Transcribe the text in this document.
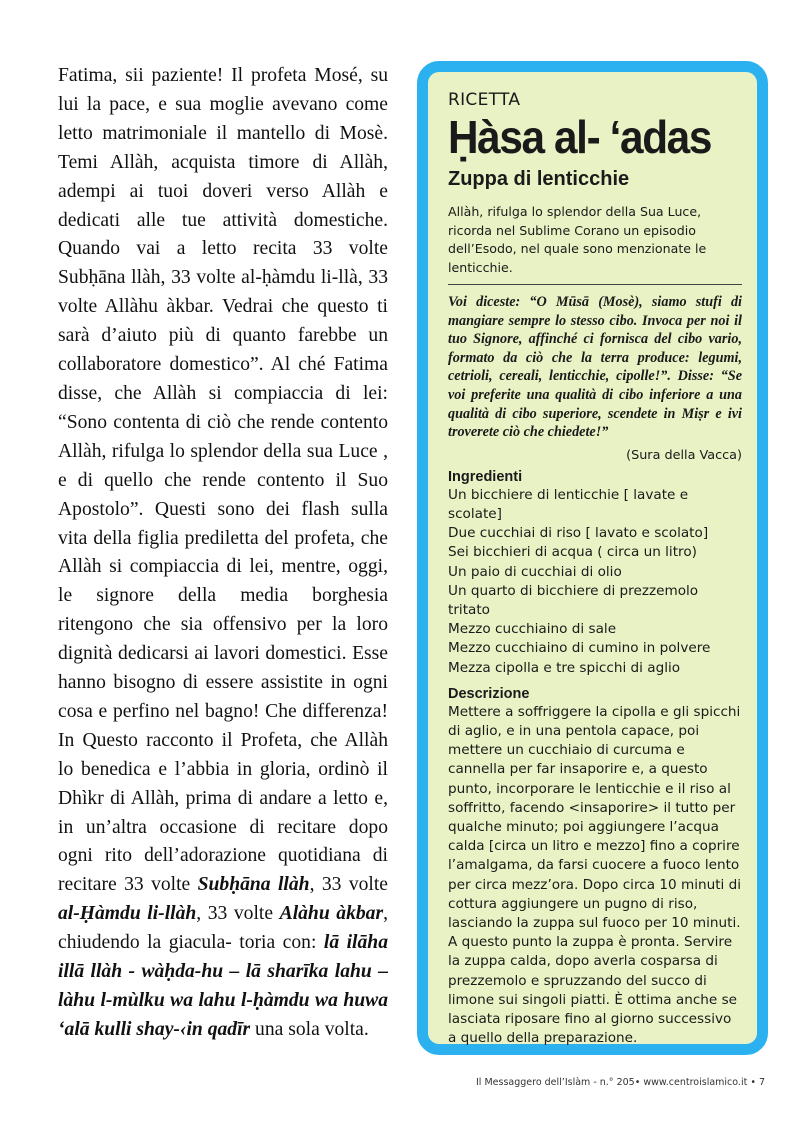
Fatima, sii paziente! Il profeta Mosé, su lui la pace, e sua moglie avevano come letto matrimoniale il mantello di Mosè. Temi Allàh, acquista timore di Allàh, adempi ai tuoi doveri verso Allàh e dedicati alle tue attività domestiche. Quando vai a letto recita 33 volte Subḥāna llàh, 33 volte al-ḥàmdu li-llà, 33 volte Allàhu àkbar. Vedrai che questo ti sarà d’aiuto più di quanto farebbe un collaboratore domestico”. Al ché Fatima disse, che Allàh si compiaccia di lei: “Sono contenta di ciò che rende contento Allàh, rifulga lo splendor della sua Luce , e di quello che rende contento il Suo Apostolo”. Questi sono dei flash sulla vita della figlia prediletta del profeta, che Allàh si compiaccia di lei, mentre, oggi, le signore della media borghesia ritengono che sia offensivo per la loro dignità dedicarsi ai lavori domestici. Esse hanno bisogno di essere assistite in ogni cosa e perfino nel bagno! Che differenza! In Questo racconto il Profeta, che Allàh lo benedica e l’abbia in gloria, ordinò il Dhìkr di Allàh, prima di andare a letto e, in un’altra occasione di recitare dopo ogni rito dell’adorazione quotidiana di recitare 33 volte Subḥāna llàh, 33 volte al-Ḥàmdu li-llàh, 33 volte Alàhu àkbar, chiudendo la giacula- toria con: lā ilāha illā llàh - wàḥda-hu – lā sharīka lahu – làhu l-mùlku wa lahu l-ḥàmdu wa huwa ‘alā kulli shay-‹in qadīr una sola volta.

RICETTA
Ḥàsa al- ‘adas
Zuppa di lenticchie

Allàh, rifulga lo splendor della Sua Luce, ricorda nel Sublime Corano un episodio dell’Esodo, nel quale sono menzionate le lenticchie.

Voi diceste: “O Mūsā (Mosè), siamo stufi di mangiare sempre lo stesso cibo. Invoca per noi il tuo Signore, affinché ci fornisca del cibo vario, formato da ciò che la terra produce: legumi, cetrioli, cereali, lenticchie, cipolle!”. Disse: “Se voi preferite una qualità di cibo inferiore a una qualità di cibo superiore, scendete in Miṣr e ivi troverete ciò che chiedete!”

(Sura della Vacca)
Ingredienti
Un bicchiere di lenticchie [ lavate e scolate]
Due cucchiai di riso [ lavato e scolato]
Sei bicchieri di acqua ( circa un litro)
Un paio di cucchiai di olio
Un quarto di bicchiere di prezzemolo tritato
Mezzo cucchiaino di sale
Mezzo cucchiaino di cumino in polvere
Mezza cipolla e tre spicchi di aglio
Descrizione

Mettere a soffriggere la cipolla e gli spicchi di aglio, e in una pentola capace, poi mettere un cucchiaio di curcuma e cannella per far insaporire e, a questo punto, incorporare le lenticchie e il riso al soffritto, facendo <insaporire> il tutto per qualche minuto; poi aggiungere l’acqua calda [circa un litro e mezzo] fino a coprire l’amalgama, da farsi cuocere a fuoco lento per circa mezz’ora. Dopo circa 10 minuti di cottura aggiungere un pugno di riso, lasciando la zuppa sul fuoco per 10 minuti. A questo punto la zuppa è pronta. Servire la zuppa calda, dopo averla cosparsa di prezzemolo e spruzzando del succo di limone sui singoli piatti. È ottima anche se lasciata riposare fino al giorno successivo a quello della preparazione.

Il Messaggero dell’Islàm - n.° 205• www.centroislamico.it • 7
